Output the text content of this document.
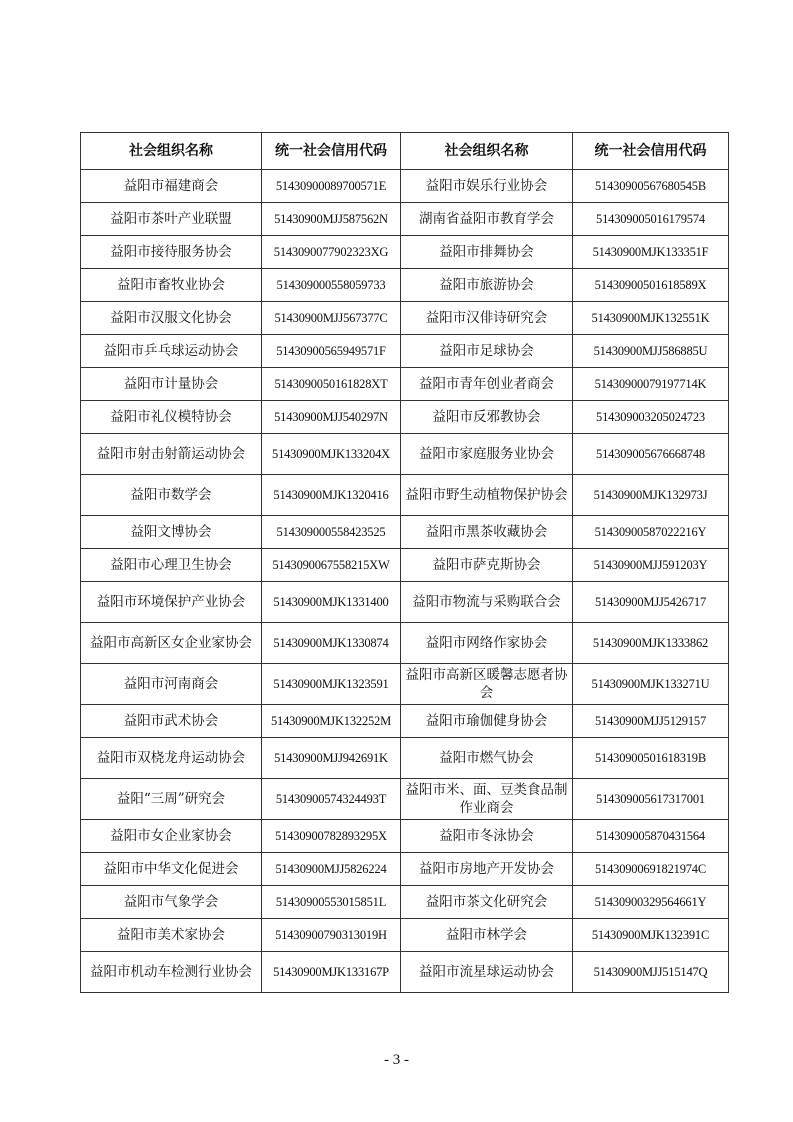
社会组织名称	统一社会信用代码	社会组织名称	统一社会信用代码
益阳市福建商会	51430900089700571E	益阳市娱乐行业协会	51430900567680545B
益阳市茶叶产业联盟	51430900MJJ587562N	湖南省益阳市教育学会	514309005016179574
益阳市接待服务协会	5143090077902323XG	益阳市排舞协会	51430900MJK133351F
益阳市畜牧业协会	514309000558059733	益阳市旅游协会	51430900501618589X
益阳市汉服文化协会	51430900MJJ567377C	益阳市汉俳诗研究会	51430900MJK132551K
益阳市乒乓球运动协会	51430900565949571F	益阳市足球协会	51430900MJJ586885U
益阳市计量协会	5143090050161828XT	益阳市青年创业者商会	51430900079197714K
益阳市礼仪模特协会	51430900MJJ540297N	益阳市反邪教协会	514309003205024723
益阳市射击射箭运动协会	51430900MJK133204X	益阳市家庭服务业协会	514309005676668748
益阳市数学会	51430900MJK1320416	益阳市野生动植物保护协会	51430900MJK132973J
益阳文博协会	514309000558423525	益阳市黑茶收藏协会	51430900587022216Y
益阳市心理卫生协会	5143090067558215XW	益阳市萨克斯协会	51430900MJJ591203Y
益阳市环境保护产业协会	51430900MJK1331400	益阳市物流与采购联合会	51430900MJJ5426717
益阳市高新区女企业家协会	51430900MJK1330874	益阳市网络作家协会	51430900MJK1333862
益阳市河南商会	51430900MJK1323591	益阳市高新区暖馨志愿者协会	51430900MJK133271U
益阳市武术协会	51430900MJK132252M	益阳市瑜伽健身协会	51430900MJJ5129157
益阳市双桡龙舟运动协会	51430900MJJ942691K	益阳市燃气协会	51430900501618319B
益阳“三周”研究会	51430900574324493T	益阳市米、面、豆类食品制作业商会	514309005617317001
益阳市女企业家协会	51430900782893295X	益阳市冬泳协会	514309005870431564
益阳市中华文化促进会	51430900MJJ5826224	益阳市房地产开发协会	51430900691821974C
益阳市气象学会	51430900553015851L	益阳市茶文化研究会	51430900329564661Y
益阳市美术家协会	51430900790313019H	益阳市林学会	51430900MJK132391C
益阳市机动车检测行业协会	51430900MJK133167P	益阳市流星球运动协会	51430900MJJ515147Q
- 3 -
